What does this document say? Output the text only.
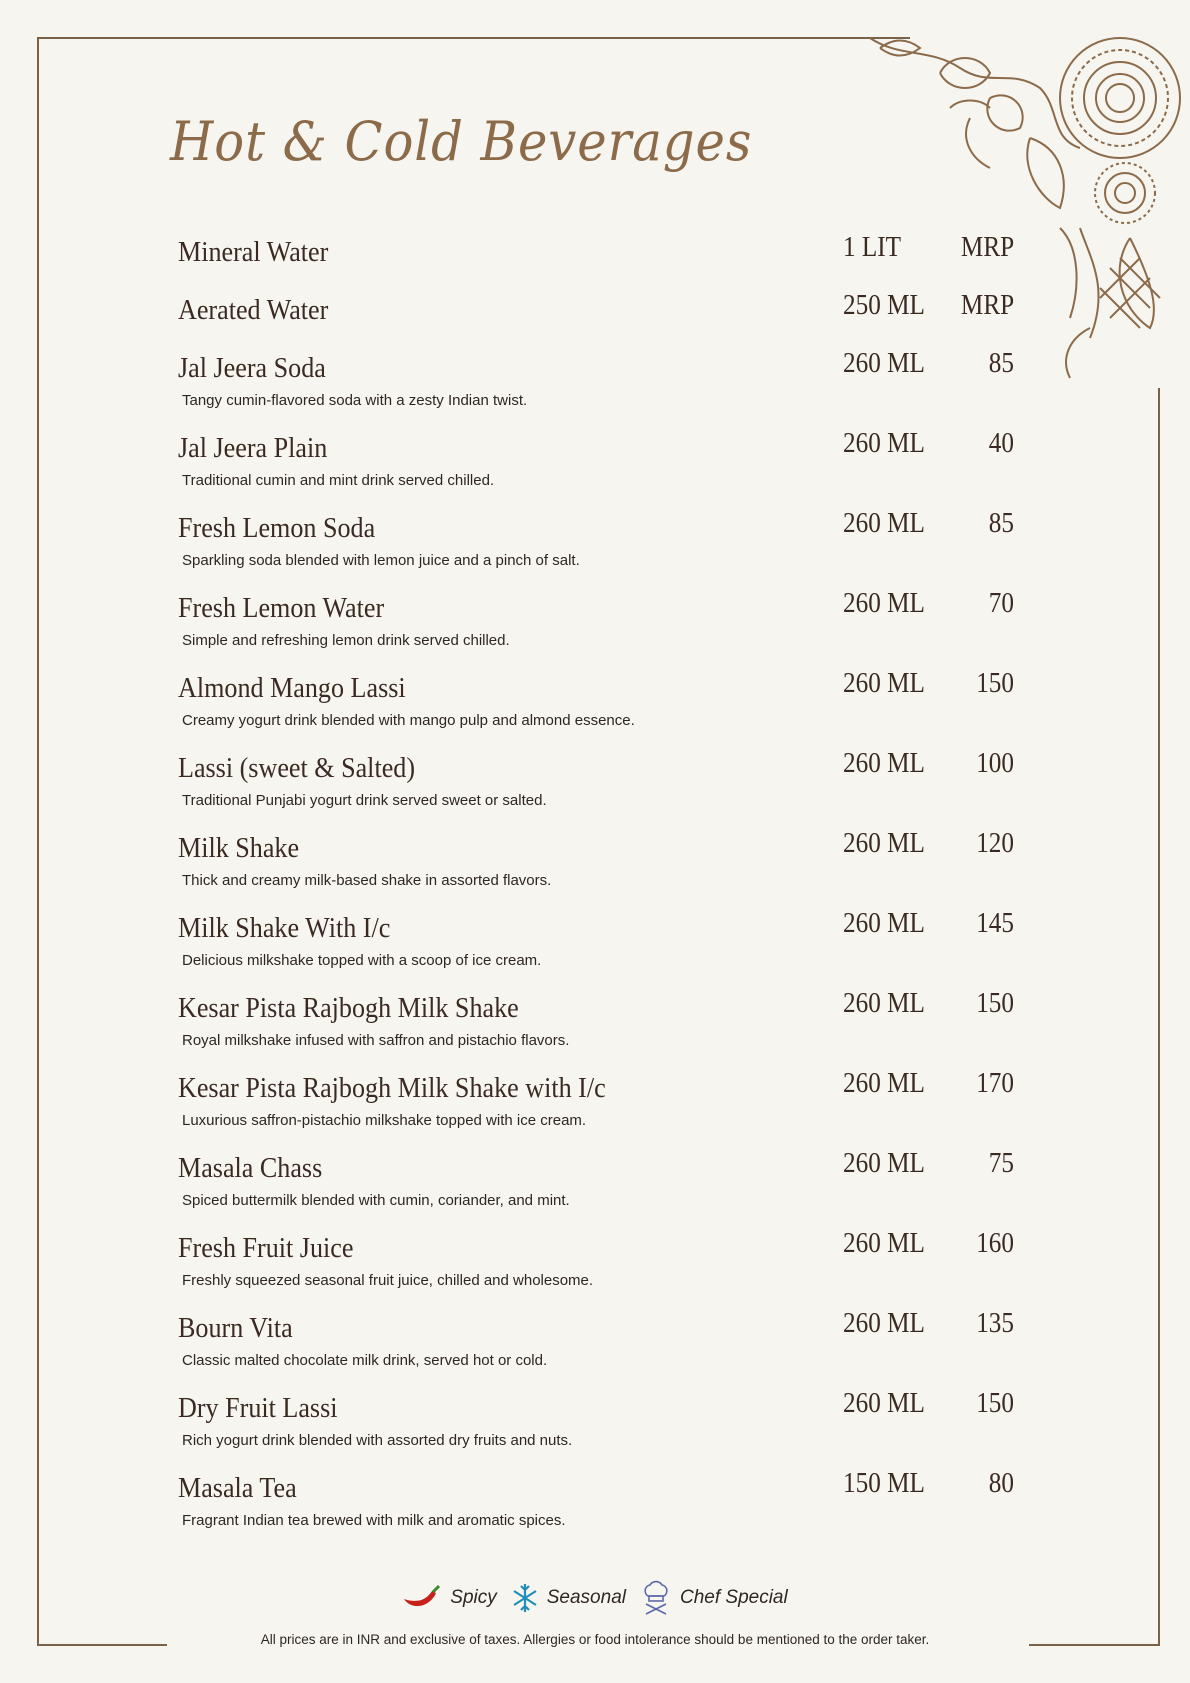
Hot & Cold Beverages
Mineral Water	1 LIT MRP
Aerated Water	250 ML MRP
Jal Jeera Soda	260 ML 85
Tangy cumin-flavored soda with a zesty Indian twist.
Jal Jeera Plain	260 ML 40
Traditional cumin and mint drink served chilled.
Fresh Lemon Soda	260 ML 85
Sparkling soda blended with lemon juice and a pinch of salt.
Fresh Lemon Water	260 ML 70
Simple and refreshing lemon drink served chilled.
Almond Mango Lassi	260 ML 150
Creamy yogurt drink blended with mango pulp and almond essence.
Lassi (sweet & Salted)	260 ML 100
Traditional Punjabi yogurt drink served sweet or salted.
Milk Shake	260 ML 120
Thick and creamy milk-based shake in assorted flavors.
Milk Shake With I/c	260 ML 145
Delicious milkshake topped with a scoop of ice cream.
Kesar Pista Rajbogh Milk Shake	260 ML 150
Royal milkshake infused with saffron and pistachio flavors.
Kesar Pista Rajbogh Milk Shake with I/c	260 ML 170
Luxurious saffron-pistachio milkshake topped with ice cream.
Masala Chass	260 ML 75
Spiced buttermilk blended with cumin, coriander, and mint.
Fresh Fruit Juice	260 ML 160
Freshly squeezed seasonal fruit juice, chilled and wholesome.
Bourn Vita	260 ML 135
Classic malted chocolate milk drink, served hot or cold.
Dry Fruit Lassi	260 ML 150
Rich yogurt drink blended with assorted dry fruits and nuts.
Masala Tea	150 ML 80
Fragrant Indian tea brewed with milk and aromatic spices.
Spicy	Seasonal	Chef Special
All prices are in INR and exclusive of taxes. Allergies or food intolerance should be mentioned to the order taker.
